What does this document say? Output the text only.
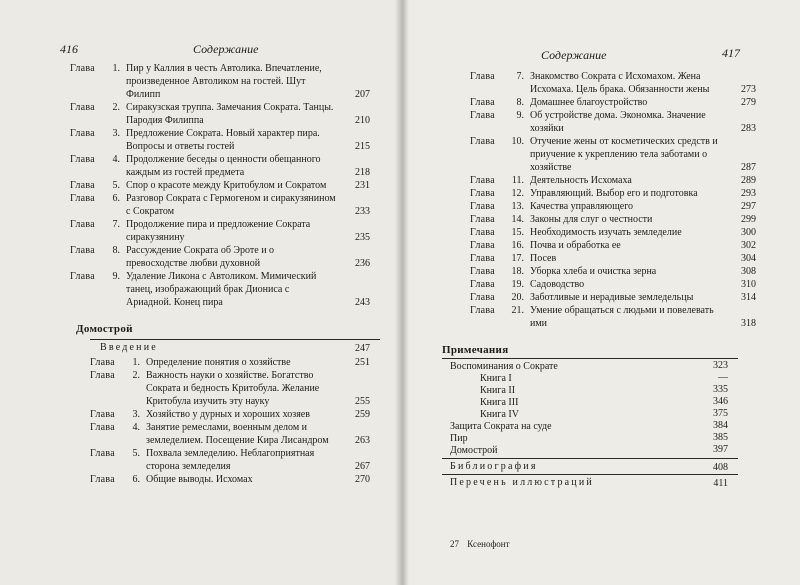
416	Содержание
Глава	1. Пир у Каллия в честь Автолика. Впечатление, произведенное Автоликом на гостей. Шут Филипп	207
Глава	2. Сиракузская труппа. Замечания Сократа. Танцы. Пародия Филиппа	210
Глава	3. Предложение Сократа. Новый характер пира. Вопросы и ответы гостей	215
Глава	4. Продолжение беседы о ценности обещанного каждым из гостей предмета	218
Глава	5. Спор о красоте между Критобулом и Сократом	231
Глава	6. Разговор Сократа с Гермогеном и сиракузянином с Сократом	233
Глава	7. Продолжение пира и предложение Сократа сиракузянину	235
Глава	8. Рассуждение Сократа об Эроте и о превосходстве любви духовной	236
Глава	9. Удаление Ликона с Автоликом. Мимический танец, изображающий брак Диониса с Ариадной. Конец пира	243
Домострой
Введение	247
Глава	1. Определение понятия о хозяйстве	251
Глава	2. Важность науки о хозяйстве. Богатство Сократа и бедность Критобула. Желание Критобула изучить эту науку	255
Глава	3. Хозяйство у дурных и хороших хозяев	259
Глава	4. Занятие ремеслами, военным делом и земледелием. Посещение Кира Лисандром	263
Глава	5. Похвала земледелию. Неблагоприятная сторона земледелия	267
Глава	6. Общие выводы. Исхомах	270
Содержание	417
Глава	7. Знакомство Сократа с Исхомахом. Жена Исхомаха. Цель брака. Обязанности жены	273
Глава	8. Домашнее благоустройство	279
Глава	9. Об устройстве дома. Экономка. Значение хозяйки	283
Глава	10. Отучение жены от косметических средств и приучение к укреплению тела заботами о хозяйстве	287
Глава	11. Деятельность Исхомаха	289
Глава	12. Управляющий. Выбор его и подготовка	293
Глава	13. Качества управляющего	297
Глава	14. Законы для слуг о честности	299
Глава	15. Необходимость изучать земледелие	300
Глава	16. Почва и обработка ее	302
Глава	17. Посев	304
Глава	18. Уборка хлеба и очистка зерна	308
Глава	19. Садоводство	310
Глава	20. Заботливые и нерадивые земледельцы	314
Глава	21. Умение обращаться с людьми и повелевать ими	318
Примечания
Воспоминания о Сократе	323
Книга I	—
Книга II	335
Книга III	346
Книга IV	375
Защита Сократа на суде	384
Пир	385
Домострой	397
Библиография	408
Перечень иллюстраций	411
27 Ксенофонт
